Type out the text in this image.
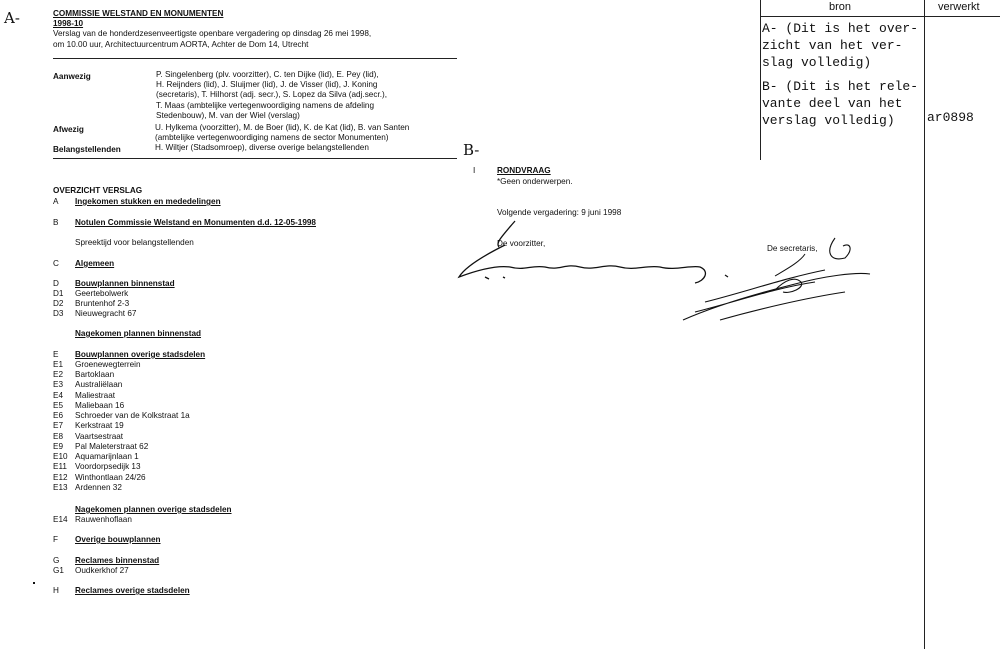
A-
B-
COMMISSIE WELSTAND EN MONUMENTEN
1998-10
Verslag van de honderdzesenveertigste openbare vergadering op dinsdag 26 mei 1998,
om 10.00 uur, Architectuurcentrum AORTA, Achter de Dom 14, Utrecht
Aanwezig	P. Singelenberg (plv. voorzitter), C. ten Dijke (lid), E. Pey (lid),
H. Reijnders (lid), J. Sluijmer (lid), J. de Visser (lid), J. Koning
(secretaris), T. Hilhorst (adj. secr.), S. Lopez da Silva (adj.secr.),
T. Maas (ambtelijke vertegenwoordiging namens de afdeling
Stedenbouw), M. van der Wiel (verslag)
Afwezig	U. Hylkema (voorzitter), M. de Boer (lid), K. de Kat (lid), B. van Santen
(ambtelijke vertegenwoordiging namens de sector Monumenten)
Belangstellenden	H. Wiltjer (Stadsomroep), diverse overige belangstellenden
OVERZICHT VERSLAG
A Ingekomen stukken en mededelingen
B Notulen Commissie Welstand en Monumenten d.d. 12-05-1998
Spreektijd voor belangstellenden
C Algemeen
D Bouwplannen binnenstad
D1 Geertebolwerk
D2 Bruntenhof 2-3
D3 Nieuwegracht 67
Nagekomen plannen binnenstad
E Bouwplannen overige stadsdelen
E1 Groenewegterrein
E2 Bartoklaan
E3 Australiëlaan
E4 Maliestraat
E5 Maliebaan 16
E6 Schroeder van de Kolkstraat 1a
E7 Kerkstraat 19
E8 Vaartsestraat
E9 Pal Maleterstraat 62
E10 Aquamarijnlaan 1
E11 Voordorpsedijk 13
E12 Winthontlaan 24/26
E13 Ardennen 32
Nagekomen plannen overige stadsdelen
E14 Rauwenhoflaan
F Overige bouwplannen
G Reclames binnenstad
G1 Oudkerkhof 27
H Reclames overige stadsdelen
I	RONDVRAAG
*Geen onderwerpen.
Volgende vergadering: 9 juni 1998
De voorzitter,
De secretaris,
bron	verwerkt
A- (Dit is het over-
zicht van het ver-
slag volledig)
B- (Dit is het rele-
vante deel van het
verslag volledig)	ar0898
